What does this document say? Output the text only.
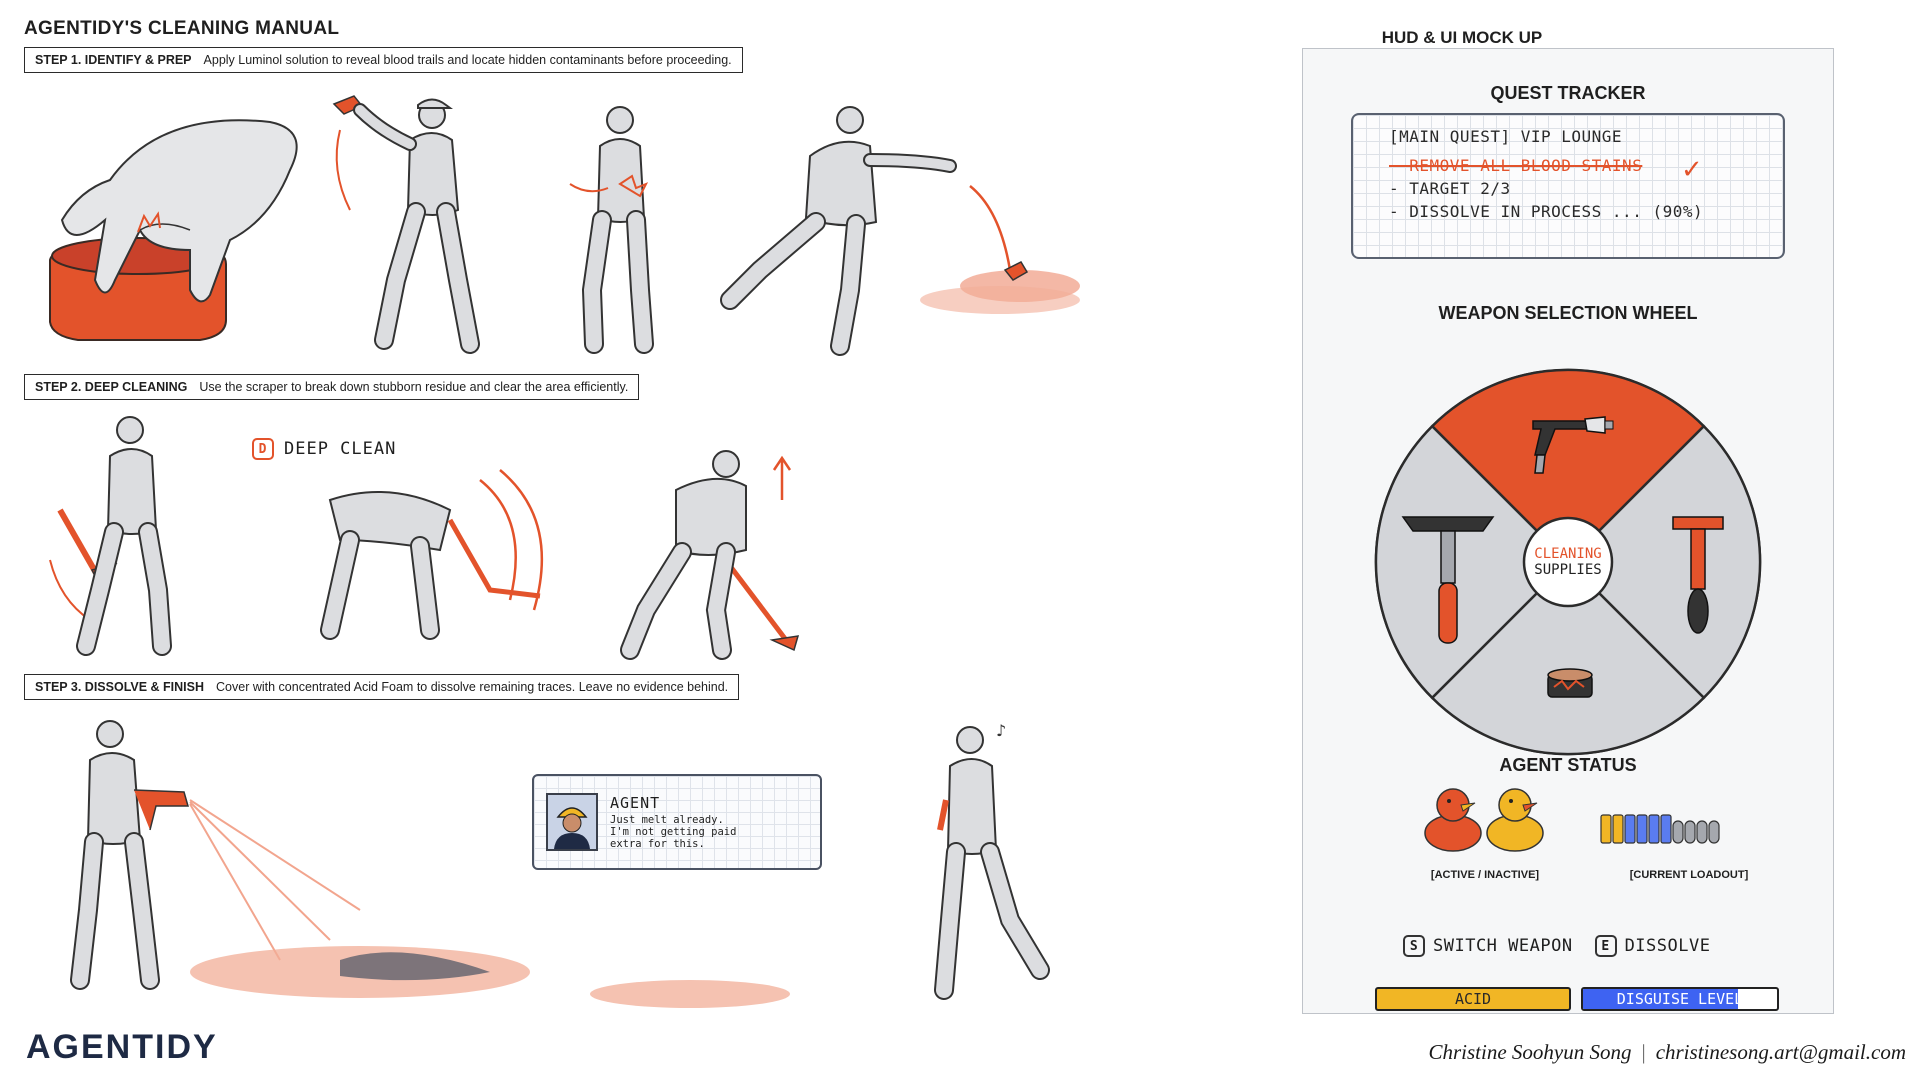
AGENTIDY'S CLEANING MANUAL
STEP 1. IDENTIFY & PREP Apply Luminol solution to reveal blood trails and locate hidden contaminants before proceeding.
STEP 2. DEEP CLEANING Use the scraper to break down stubborn residue and clear the area efficiently.
STEP 3. DISSOLVE & FINISH Cover with concentrated Acid Foam to dissolve remaining traces. Leave no evidence behind.
D DEEP CLEAN
♪
AGENT
Just melt already.
I'm not getting paid
extra for this.
AGENTIDY	Christine Soohyun Song | christinesong.art@gmail.com
HUD & UI MOCK UP
QUEST TRACKER
[MAIN QUEST] VIP LOUNGE
- REMOVE ALL BLOOD STAINS
- TARGET 2/3
- DISSOLVE IN PROCESS ... (90%)
✓
WEAPON SELECTION WHEEL
CLEANING
SUPPLIES
AGENT STATUS
[ACTIVE / INACTIVE]	[CURRENT LOADOUT]
S SWITCH WEAPON	E DISSOLVE
ACID	DISGUISE LEVEL
